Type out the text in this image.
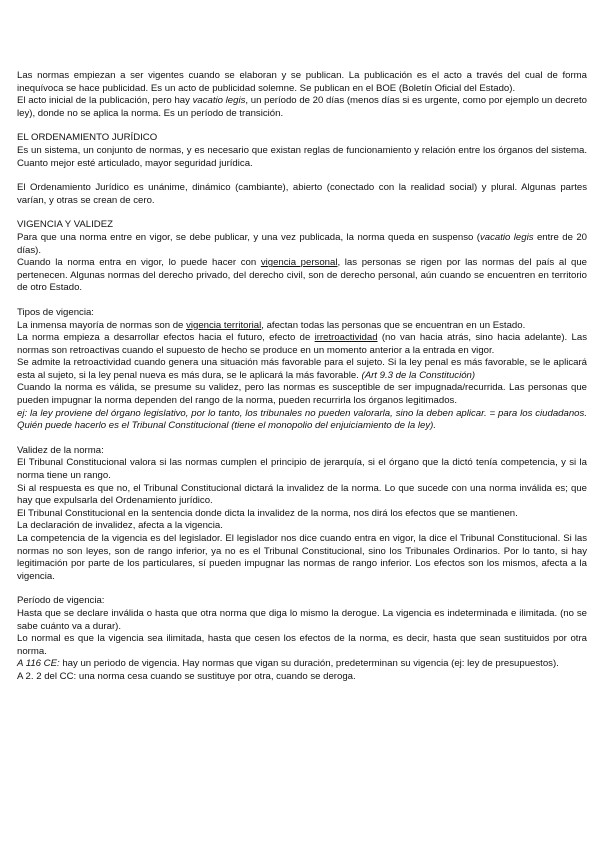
Las normas empiezan a ser vigentes cuando se elaboran y se publican. La publicación es el acto a través del cual de forma inequívoca se hace publicidad. Es un acto de publicidad solemne. Se publican en el BOE (Boletín Oficial del Estado).

El acto inicial de la publicación, pero hay vacatio legis, un período de 20 días (menos días si es urgente, como por ejemplo un decreto ley), donde no se aplica la norma. Es un período de transición.

EL ORDENAMIENTO JURÍDICO

Es un sistema, un conjunto de normas, y es necesario que existan reglas de funcionamiento y relación entre los órganos del sistema. Cuanto mejor esté articulado, mayor seguridad jurídica.

El Ordenamiento Jurídico es unánime, dinámico (cambiante), abierto (conectado con la realidad social) y plural. Algunas partes varían, y otras se crean de cero.

VIGENCIA Y VALIDEZ

Para que una norma entre en vigor, se debe publicar, y una vez publicada, la norma queda en suspenso (vacatio legis entre de 20 días).

Cuando la norma entra en vigor, lo puede hacer con vigencia personal, las personas se rigen por las normas del país al que pertenecen. Algunas normas del derecho privado, del derecho civil, son de derecho personal, aún cuando se encuentren en territorio de otro Estado.

Tipos de vigencia:

La inmensa mayoría de normas son de vigencia territorial, afectan todas las personas que se encuentran en un Estado.

La norma empieza a desarrollar efectos hacia el futuro, efecto de irretroactividad (no van hacia atrás, sino hacia adelante). Las normas son retroactivas cuando el supuesto de hecho se produce en un momento anterior a la entrada en vigor.

Se admite la retroactividad cuando genera una situación más favorable para el sujeto. Si la ley penal es más favorable, se le aplicará esta al sujeto, si la ley penal nueva es más dura, se le aplicará la más favorable. (Art 9.3 de la Constitución)

Cuando la norma es válida, se presume su validez, pero las normas es susceptible de ser impugnada/recurrida. Las personas que pueden impugnar la norma dependen del rango de la norma, pueden recurrirla los órganos legitimados.

ej: la ley proviene del órgano legislativo, por lo tanto, los tribunales no pueden valorarla, sino la deben aplicar. = para los ciudadanos. Quién puede hacerlo es el Tribunal Constitucional (tiene el monopolio del enjuiciamiento de la ley).

Validez de la norma:

El Tribunal Constitucional valora si las normas cumplen el principio de jerarquía, si el órgano que la dictó tenía competencia, y si la norma tiene un rango.

Si al respuesta es que no, el Tribunal Constitucional dictará la invalidez de la norma. Lo que sucede con una norma inválida es; que hay que expulsarla del Ordenamiento jurídico.

El Tribunal Constitucional en la sentencia donde dicta la invalidez de la norma, nos dirá los efectos que se mantienen.

La declaración de invalidez, afecta a la vigencia.

La competencia de la vigencia es del legislador. El legislador nos dice cuando entra en vigor, la dice el Tribunal Constitucional. Si las normas no son leyes, son de rango inferior, ya no es el Tribunal Constitucional, sino los Tribunales Ordinarios. Por lo tanto, si hay legitimación por parte de los particulares, sí pueden impugnar las normas de rango inferior. Los efectos son los mismos, afecta a la vigencia.

Período de vigencia:

Hasta que se declare inválida o hasta que otra norma que diga lo mismo la derogue. La vigencia es indeterminada e ilimitada. (no se sabe cuánto va a durar).

Lo normal es que la vigencia sea ilimitada, hasta que cesen los efectos de la norma, es decir, hasta que sean sustituidos por otra norma.

A 116 CE: hay un periodo de vigencia. Hay normas que vigan su duración, predeterminan su vigencia (ej: ley de presupuestos).

A 2. 2 del CC: una norma cesa cuando se sustituye por otra, cuando se deroga.
